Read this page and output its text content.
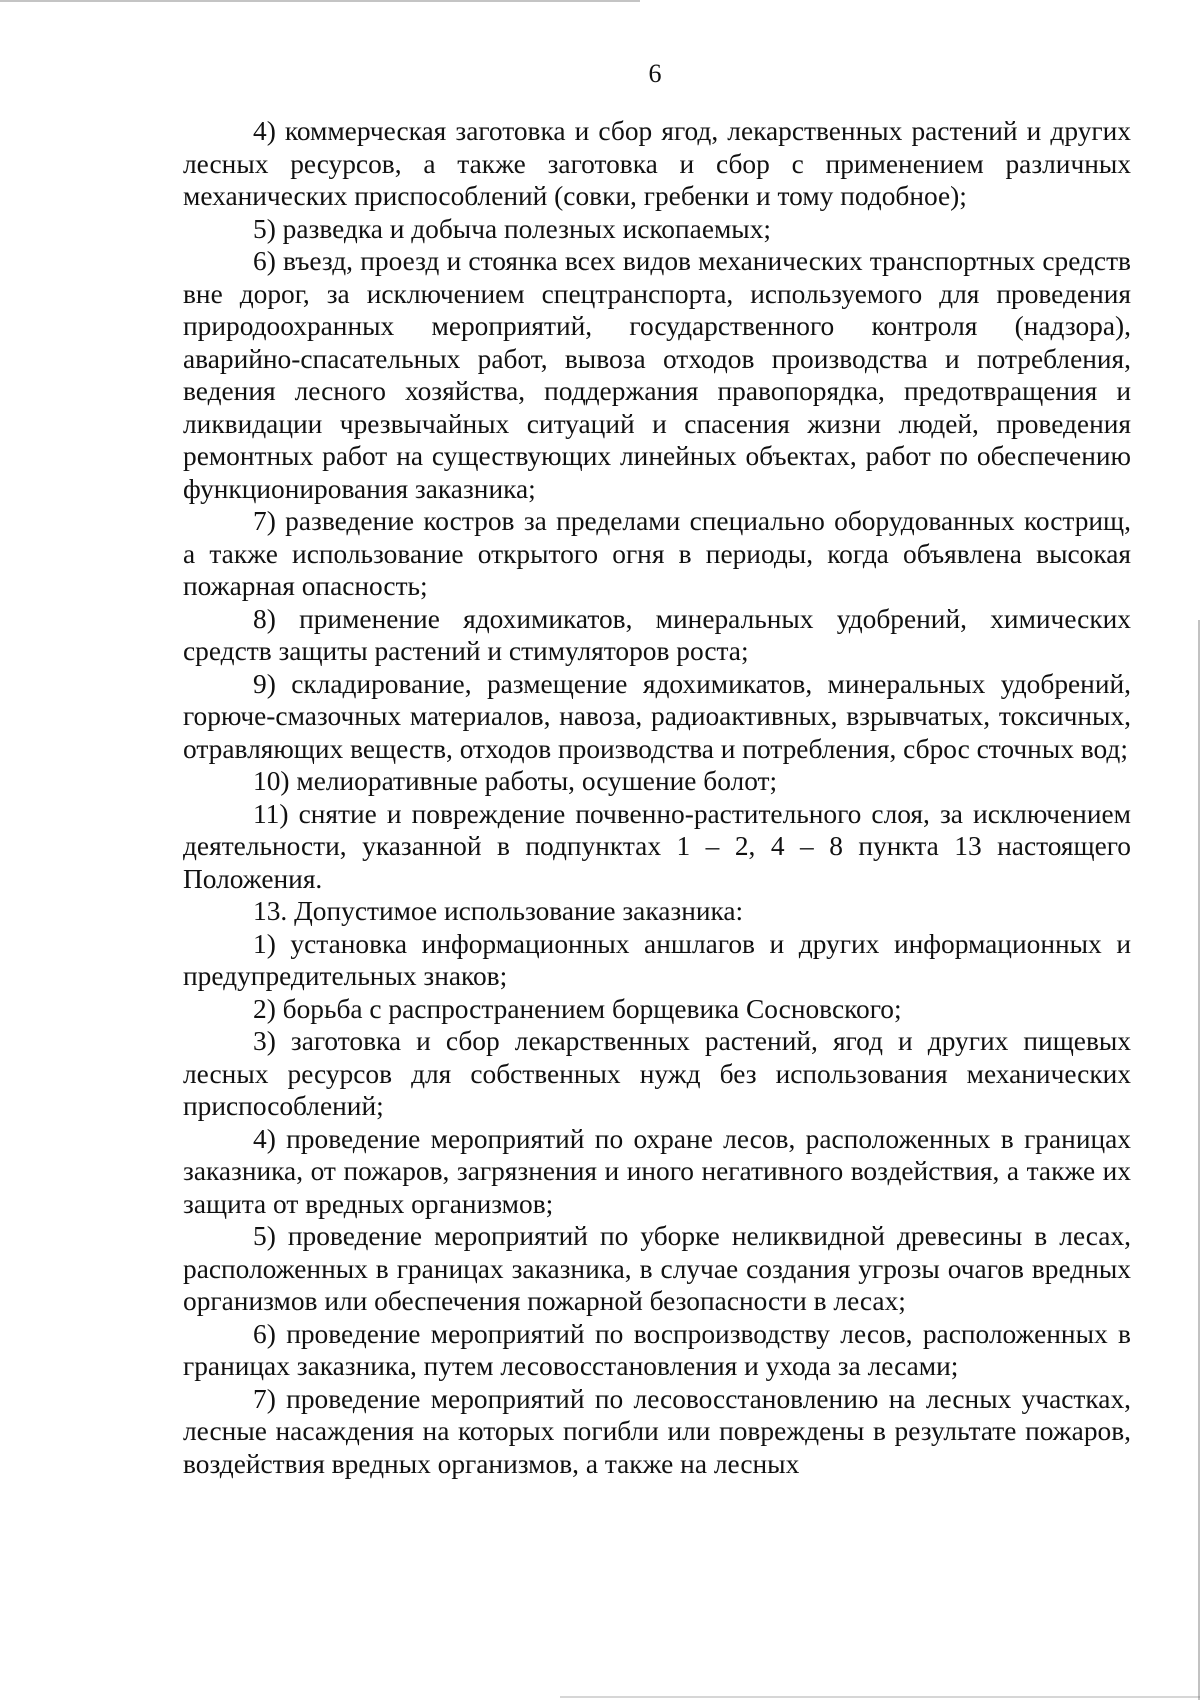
6

4) коммерческая заготовка и сбор ягод, лекарственных растений и других лесных ресурсов, а также заготовка и сбор с применением различных механических приспособлений (совки, гребенки и тому подобное);

5) разведка и добыча полезных ископаемых;

6) въезд, проезд и стоянка всех видов механических транспортных средств вне дорог, за исключением спецтранспорта, используемого для проведения природоохранных мероприятий, государственного контроля (надзора), аварийно-спасательных работ, вывоза отходов производства и потребления, ведения лесного хозяйства, поддержания правопорядка, предотвращения и ликвидации чрезвычайных ситуаций и спасения жизни людей, проведения ремонтных работ на существующих линейных объектах, работ по обеспечению функционирования заказника;

7) разведение костров за пределами специально оборудованных кострищ, а также использование открытого огня в периоды, когда объявлена высокая пожарная опасность;

8) применение ядохимикатов, минеральных удобрений, химических средств защиты растений и стимуляторов роста;

9) складирование, размещение ядохимикатов, минеральных удобрений, горюче-смазочных материалов, навоза, радиоактивных, взрывчатых, токсичных, отравляющих веществ, отходов производства и потребления, сброс сточных вод;

10) мелиоративные работы, осушение болот;

11) снятие и повреждение почвенно-растительного слоя, за исключением деятельности, указанной в подпунктах 1 – 2, 4 – 8 пункта 13 настоящего Положения.

13. Допустимое использование заказника:

1) установка информационных аншлагов и других информационных и предупредительных знаков;

2) борьба с распространением борщевика Сосновского;

3) заготовка и сбор лекарственных растений, ягод и других пищевых лесных ресурсов для собственных нужд без использования механических приспособлений;

4) проведение мероприятий по охране лесов, расположенных в границах заказника, от пожаров, загрязнения и иного негативного воздействия, а также их защита от вредных организмов;

5) проведение мероприятий по уборке неликвидной древесины в лесах, расположенных в границах заказника, в случае создания угрозы очагов вредных организмов или обеспечения пожарной безопасности в лесах;

6) проведение мероприятий по воспроизводству лесов, расположенных в границах заказника, путем лесовосстановления и ухода за лесами;

7) проведение мероприятий по лесовосстановлению на лесных участках, лесные насаждения на которых погибли или повреждены в результате пожаров, воздействия вредных организмов, а также на лесных
